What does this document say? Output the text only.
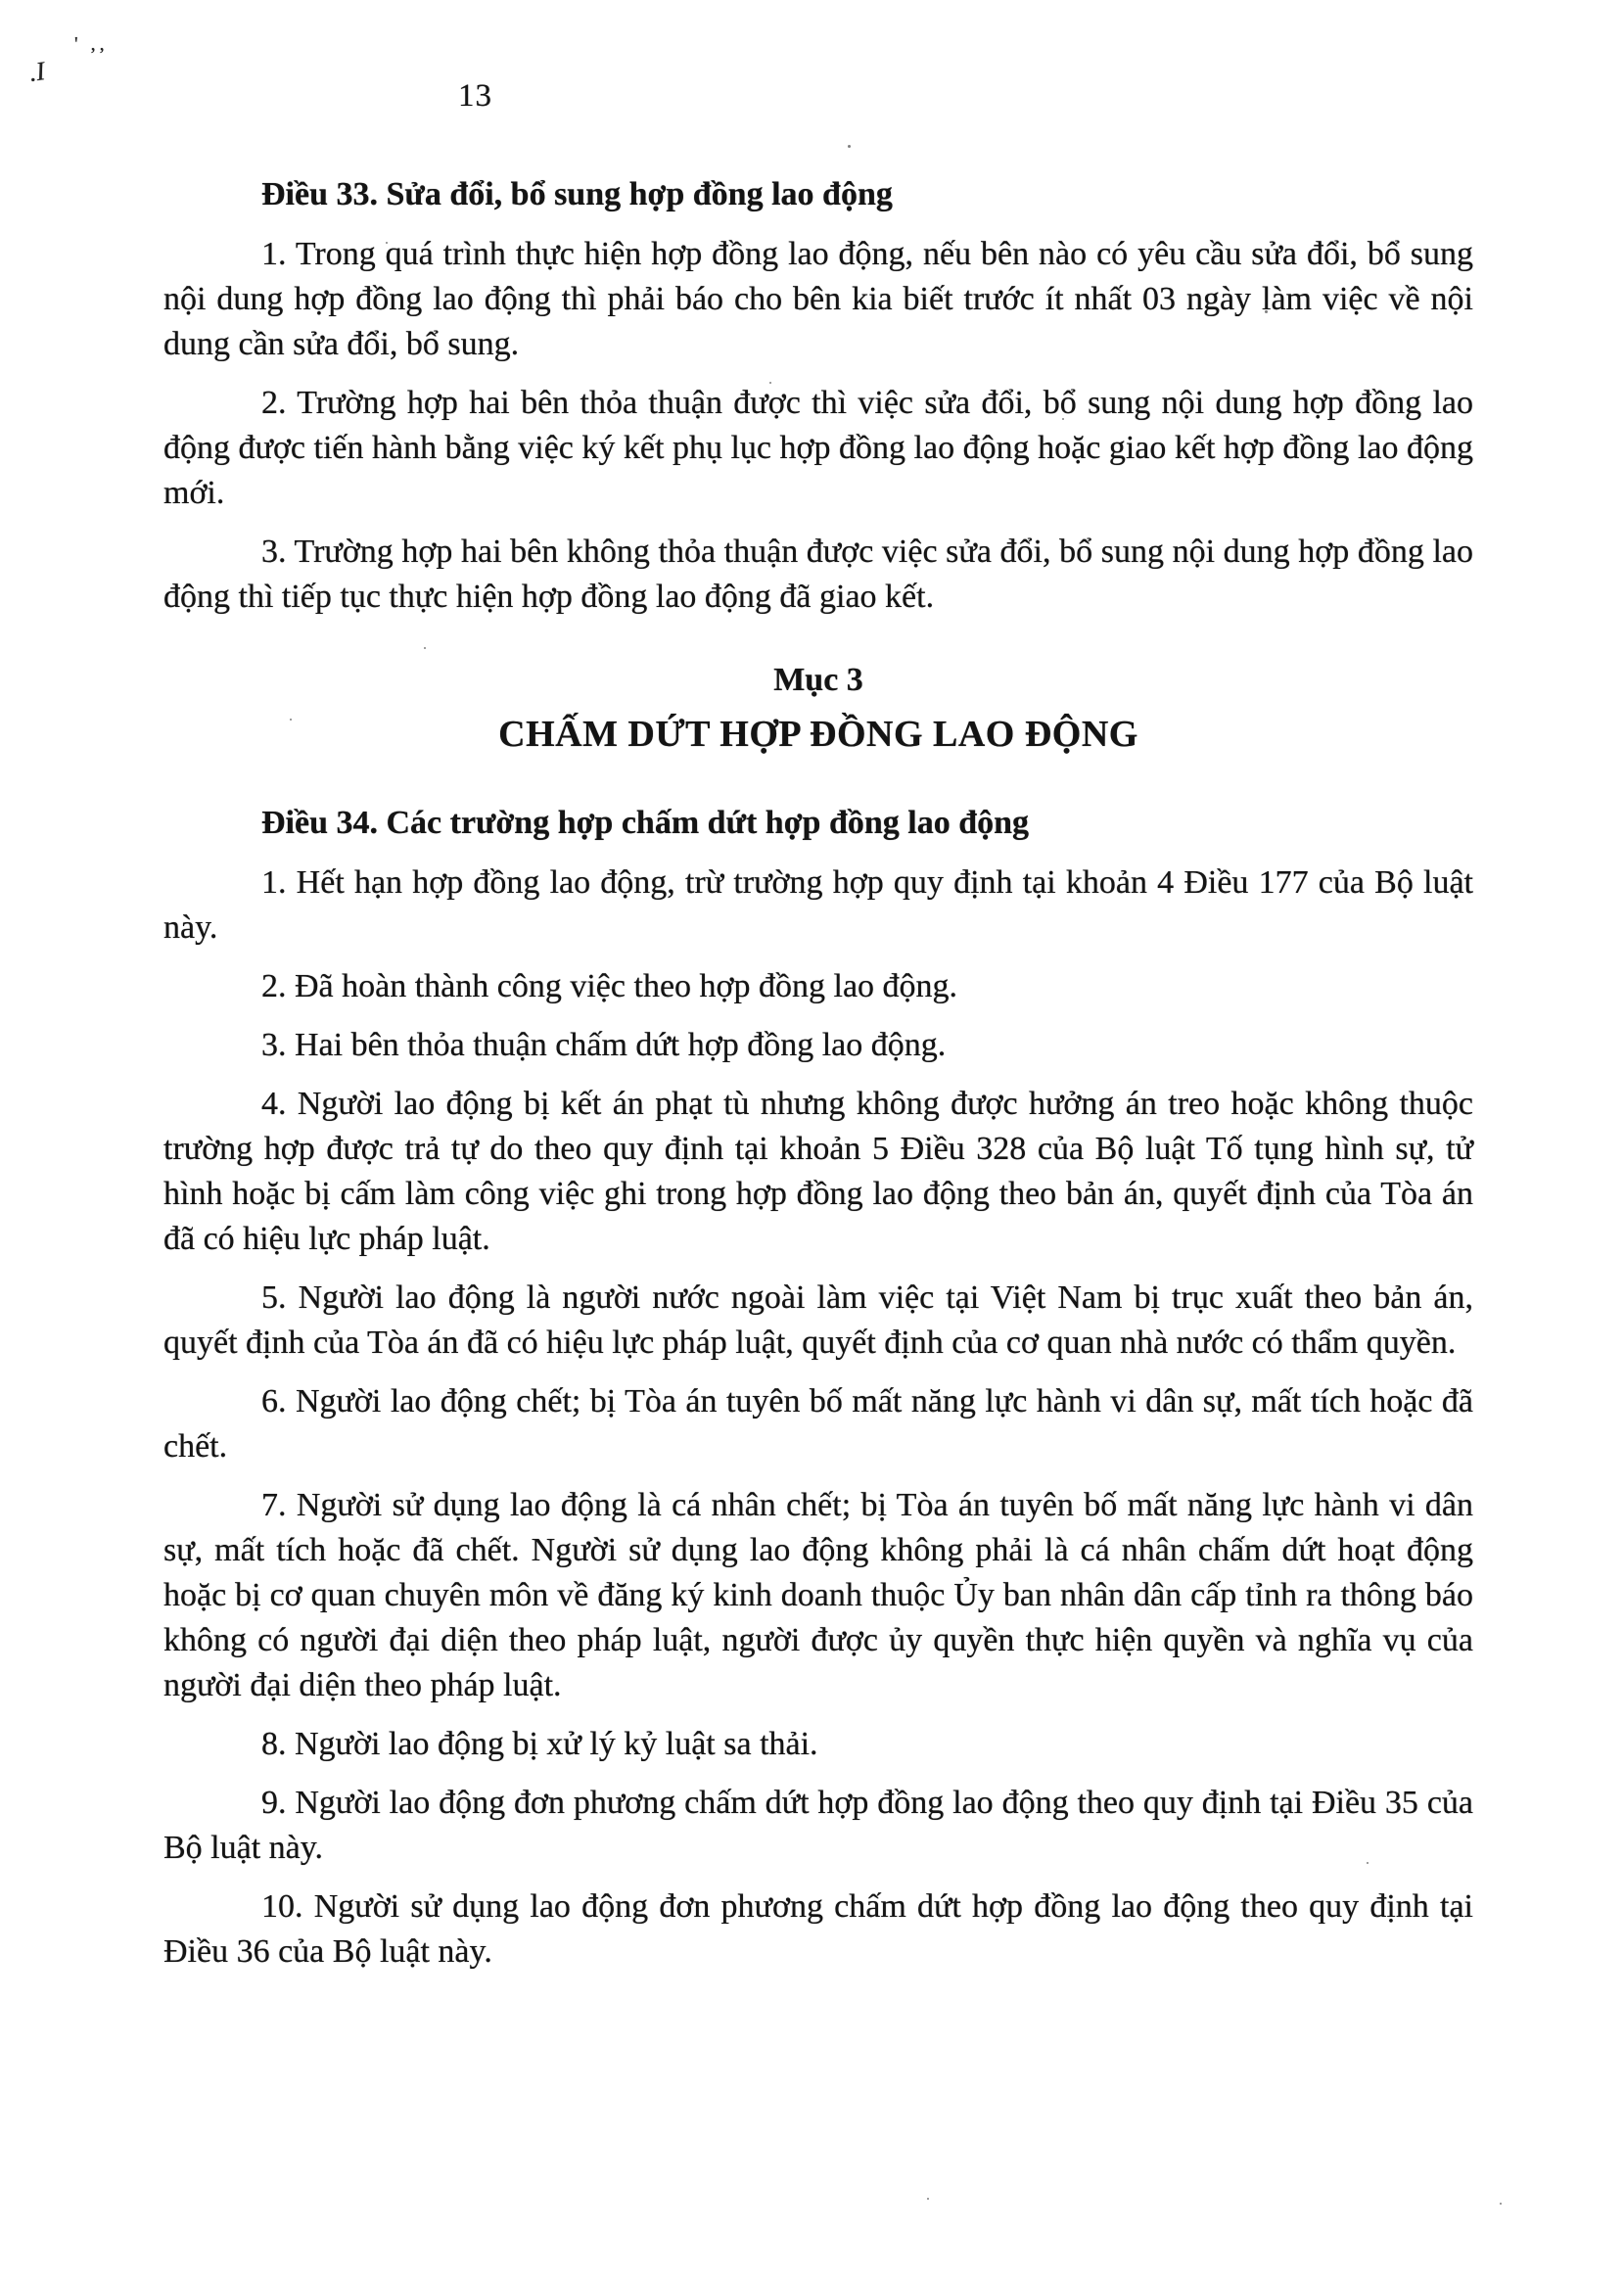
' ,,
.I
13
Điều 33. Sửa đổi, bổ sung hợp đồng lao động

1. Trong quá trình thực hiện hợp đồng lao động, nếu bên nào có yêu cầu sửa đổi, bổ sung nội dung hợp đồng lao động thì phải báo cho bên kia biết trước ít nhất 03 ngày làm việc về nội dung cần sửa đổi, bổ sung.

2. Trường hợp hai bên thỏa thuận được thì việc sửa đổi, bổ sung nội dung hợp đồng lao động được tiến hành bằng việc ký kết phụ lục hợp đồng lao động hoặc giao kết hợp đồng lao động mới.

3. Trường hợp hai bên không thỏa thuận được việc sửa đổi, bổ sung nội dung hợp đồng lao động thì tiếp tục thực hiện hợp đồng lao động đã giao kết.

Mục 3
CHẤM DỨT HỢP ĐỒNG LAO ĐỘNG
Điều 34. Các trường hợp chấm dứt hợp đồng lao động

1. Hết hạn hợp đồng lao động, trừ trường hợp quy định tại khoản 4 Điều 177 của Bộ luật này.

2. Đã hoàn thành công việc theo hợp đồng lao động.

3. Hai bên thỏa thuận chấm dứt hợp đồng lao động.

4. Người lao động bị kết án phạt tù nhưng không được hưởng án treo hoặc không thuộc trường hợp được trả tự do theo quy định tại khoản 5 Điều 328 của Bộ luật Tố tụng hình sự, tử hình hoặc bị cấm làm công việc ghi trong hợp đồng lao động theo bản án, quyết định của Tòa án đã có hiệu lực pháp luật.

5. Người lao động là người nước ngoài làm việc tại Việt Nam bị trục xuất theo bản án, quyết định của Tòa án đã có hiệu lực pháp luật, quyết định của cơ quan nhà nước có thẩm quyền.

6. Người lao động chết; bị Tòa án tuyên bố mất năng lực hành vi dân sự, mất tích hoặc đã chết.

7. Người sử dụng lao động là cá nhân chết; bị Tòa án tuyên bố mất năng lực hành vi dân sự, mất tích hoặc đã chết. Người sử dụng lao động không phải là cá nhân chấm dứt hoạt động hoặc bị cơ quan chuyên môn về đăng ký kinh doanh thuộc Ủy ban nhân dân cấp tỉnh ra thông báo không có người đại diện theo pháp luật, người được ủy quyền thực hiện quyền và nghĩa vụ của người đại diện theo pháp luật.

8. Người lao động bị xử lý kỷ luật sa thải.

9. Người lao động đơn phương chấm dứt hợp đồng lao động theo quy định tại Điều 35 của Bộ luật này.

10. Người sử dụng lao động đơn phương chấm dứt hợp đồng lao động theo quy định tại Điều 36 của Bộ luật này.
